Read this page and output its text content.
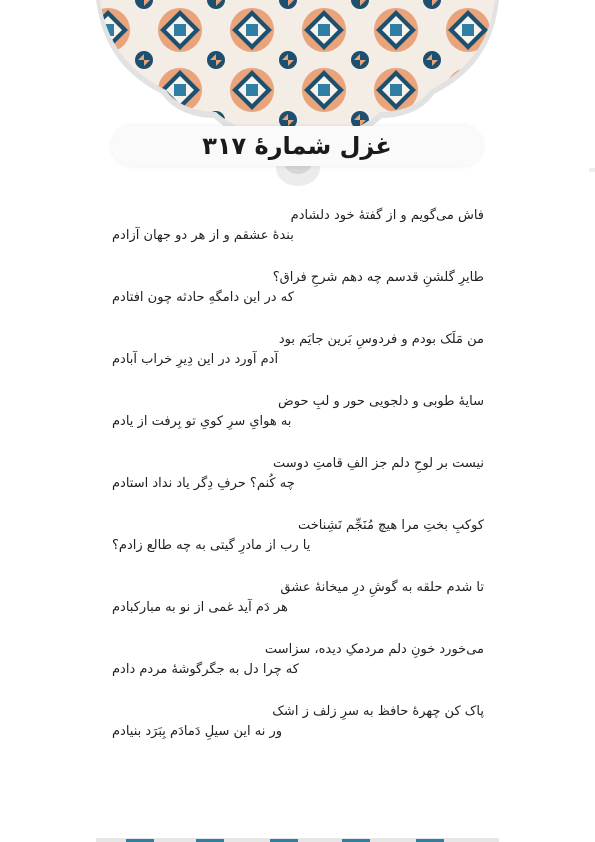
غزل شمارهٔ ۳۱۷
فاش می‌گویم و از گفتهٔ خود دلشادم
بندهٔ عشقم و از هر دو جهان آزادم
طایرِ گلشنِ قدسم چه دهم شرحِ فراق؟
که در این دامگهِ حادثه چون افتادم
من مَلَک بودم و فردوسِ بَرین جایَم بود
آدم آورد در این دِیرِ خراب آبادم
سایهٔ طوبی و دلجویی حور و لبِ حوض
به هوایِ سرِ کویِ تو بِرفت از یادم
نیست بر لوحِ دلم جز الفِ قامتِ دوست
چه کُنم؟ حرفِ دِگر یاد نداد استادم
کوکبِ بختِ مرا هیچ مُنَجِّم نَشِناخت
یا رب از مادرِ گیتی به چه طالع زادم؟
تا شدم حلقه به گوشِ درِ میخانهٔ عشق
هر دَم آید غمی از نو به مبارکبادم
می‌خورد خونِ دلم مردمکِ دیده، سزاست
که چرا دل به جگرگوشهٔ مردم دادم
پاک کن چهرهٔ حافظ به سرِ زلف ز اشک
ور نه این سیلِ دَمادَم بِبَرَد بنیادم
